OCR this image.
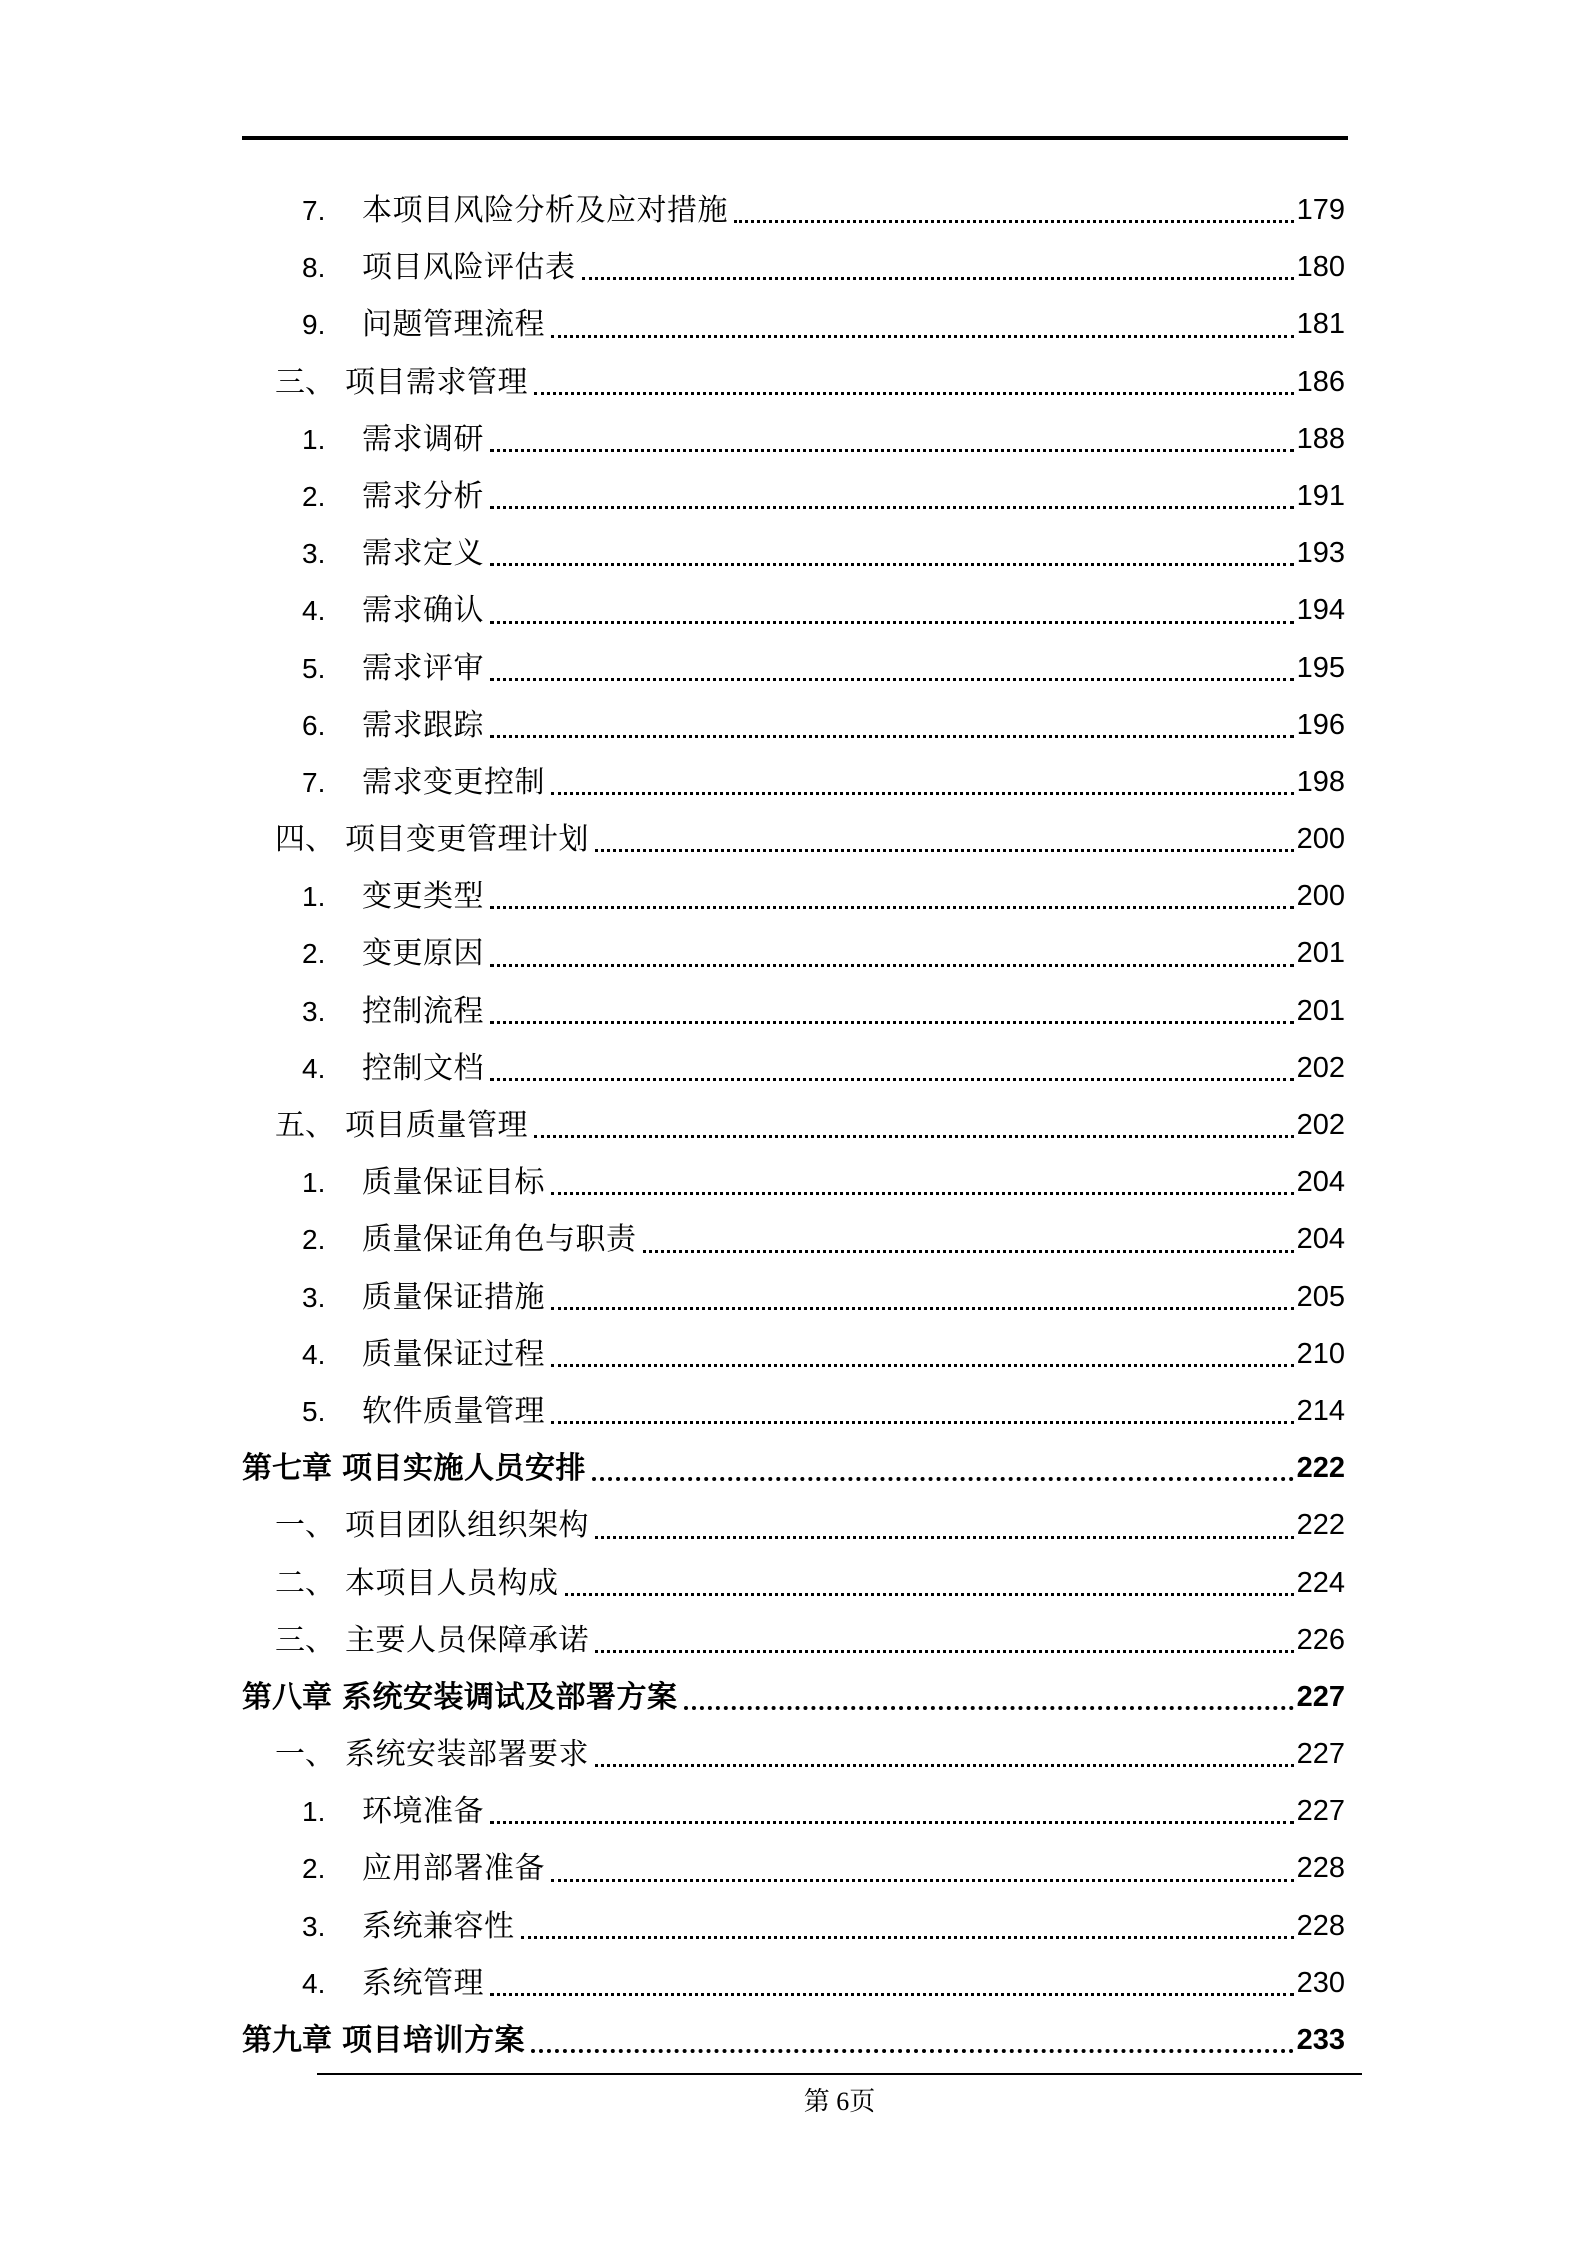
7.	本项目风险分析及应对措施	179
8.	项目风险评估表	180
9.	问题管理流程	181
三、 项目需求管理	186
1.	需求调研	188
2.	需求分析	191
3.	需求定义	193
4.	需求确认	194
5.	需求评审	195
6.	需求跟踪	196
7.	需求变更控制	198
四、 项目变更管理计划	200
1.	变更类型	200
2.	变更原因	201
3.	控制流程	201
4.	控制文档	202
五、 项目质量管理	202
1.	质量保证目标	204
2.	质量保证角色与职责	204
3.	质量保证措施	205
4.	质量保证过程	210
5.	软件质量管理	214
第七章 项目实施人员安排	222
一、 项目团队组织架构	222
二、 本项目人员构成	224
三、 主要人员保障承诺	226
第八章 系统安装调试及部署方案	227
一、 系统安装部署要求	227
1.	环境准备	227
2.	应用部署准备	228
3.	系统兼容性	228
4.	系统管理	230
第九章 项目培训方案	233
第 6页
